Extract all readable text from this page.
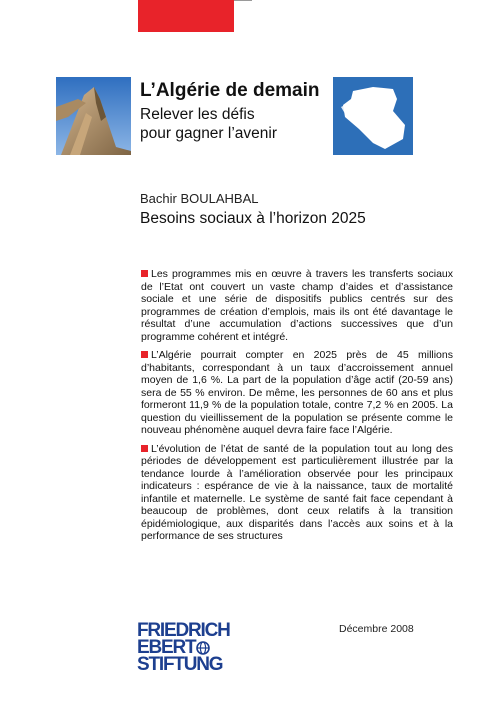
L’Algérie de demain
Relever les défis
pour gagner l’avenir
Bachir BOULAHBAL
Besoins sociaux à l’horizon 2025

Les programmes mis en œuvre à travers les transferts sociaux de l’Etat ont couvert un vaste champ d’aides et d’assistance sociale et une série de dispositifs publics centrés sur des programmes de création d’emplois, mais ils ont été davantage le résultat d’une accumulation d’actions successives que d’un programme cohérent et intégré.

L’Algérie pourrait compter en 2025 près de 45 millions d’habitants, correspondant à un taux d’accroissement annuel moyen de 1,6 %. La part de la population d’âge actif (20-59 ans) sera de 55 % environ. De même, les personnes de 60 ans et plus formeront 11,9 % de la population totale, contre 7,2 % en 2005. La question du vieillissement de la population se présente comme le nouveau phénomène auquel devra faire face l’Algérie.

L’évolution de l’état de santé de la population tout au long des périodes de développement est particulièrement illustrée par la tendance lourde à l’amélioration observée pour les principaux indicateurs : espérance de vie à la naissance, taux de mortalité infantile et maternelle. Le système de santé fait face cependant à beaucoup de problèmes, dont ceux relatifs à la transition épidémiologique, aux disparités dans l’accès aux soins et à la performance de ses structures

FRIEDRICH
EBERT
STIFTUNG
Décembre 2008
